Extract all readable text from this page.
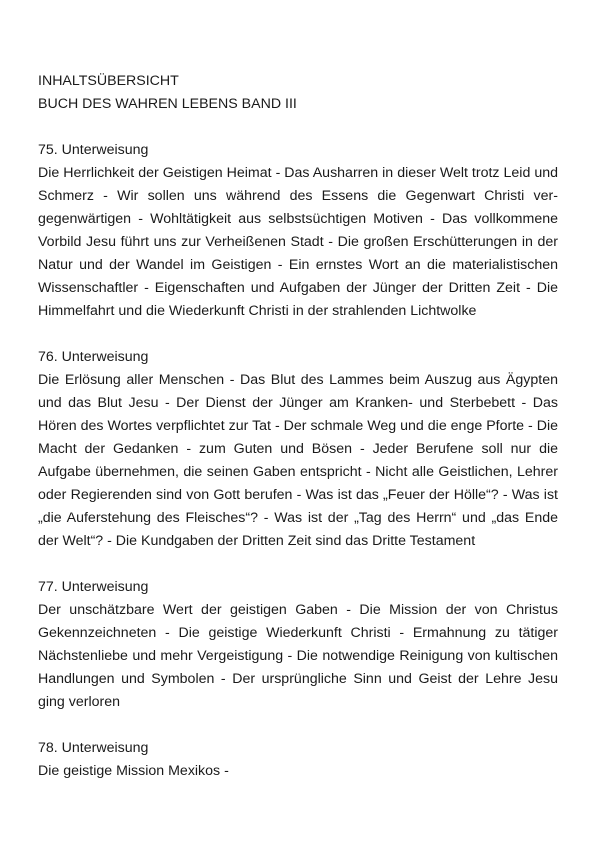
INHALTSÜBERSICHT

BUCH DES WAHREN LEBENS BAND III

75. Unterweisung

Die Herrlichkeit der Geistigen Heimat - Das Ausharren in dieser Welt trotz Leid und Schmerz - Wir sollen uns während des Essens die Gegenwart Christi vergegenwärtigen - Wohltätigkeit aus selbstsüchtigen Motiven - Das vollkommene Vorbild Jesu führt uns zur Verheißenen Stadt - Die großen Erschütterungen in der Natur und der Wandel im Geistigen - Ein ernstes Wort an die materialistischen Wissenschaftler - Eigenschaften und Aufgaben der Jünger der Dritten Zeit - Die Himmelfahrt und die Wiederkunft Christi in der strahlenden Lichtwolke

76. Unterweisung

Die Erlösung aller Menschen - Das Blut des Lammes beim Auszug aus Ägypten und das Blut Jesu - Der Dienst der Jünger am Kranken- und Sterbebett - Das Hören des Wortes verpflichtet zur Tat - Der schmale Weg und die enge Pforte - Die Macht der Gedanken - zum Guten und Bösen - Jeder Berufene soll nur die Aufgabe übernehmen, die seinen Gaben entspricht - Nicht alle Geistlichen, Lehrer oder Regierenden sind von Gott berufen - Was ist das „Feuer der Hölle“? - Was ist „die Auferstehung des Fleisches“? - Was ist der „Tag des Herrn“ und „das Ende der Welt“? - Die Kundgaben der Dritten Zeit sind das Dritte Testament

77. Unterweisung

Der unschätzbare Wert der geistigen Gaben - Die Mission der von Christus Gekennzeichneten - Die geistige Wiederkunft Christi - Ermahnung zu tätiger Nächstenliebe und mehr Vergeistigung - Die notwendige Reinigung von kultischen Handlungen und Symbolen - Der ursprüngliche Sinn und Geist der Lehre Jesu ging verloren

78. Unterweisung

Die geistige Mission Mexikos -
